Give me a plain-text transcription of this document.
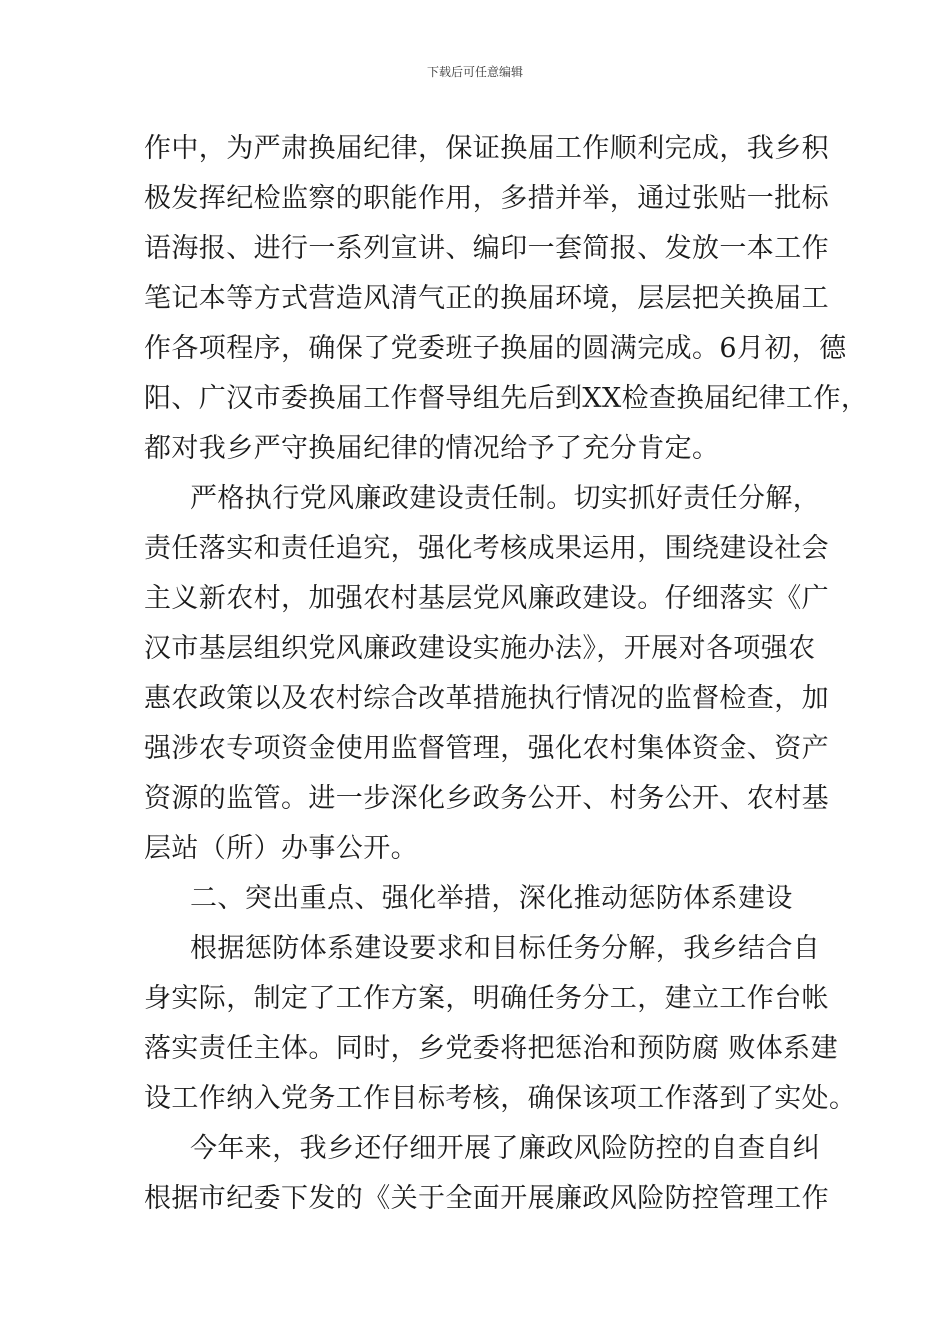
下载后可任意编辑
作中，为严肃换届纪律，保证换届工作顺利完成，我乡积
极发挥纪检监察的职能作用，多措并举，通过张贴一批标
语海报、进行一系列宣讲、编印一套简报、发放一本工作
笔记本等方式营造风清气正的换届环境，层层把关换届工
作各项程序，确保了党委班子换届的圆满完成。6月初，德
阳、广汉市委换届工作督导组先后到XX检查换届纪律工作，
都对我乡严守换届纪律的情况给予了充分肯定。
严格执行党风廉政建设责任制。切实抓好责任分解，
责任落实和责任追究，强化考核成果运用，围绕建设社会
主义新农村，加强农村基层党风廉政建设。仔细落实《广
汉市基层组织党风廉政建设实施办法》，开展对各项强农
惠农政策以及农村综合改革措施执行情况的监督检查，加
强涉农专项资金使用监督管理，强化农村集体资金、资产
资源的监管。进一步深化乡政务公开、村务公开、农村基
层站（所）办事公开。
二、突出重点、强化举措，深化推动惩防体系建设
根据惩防体系建设要求和目标任务分解，我乡结合自
身实际，制定了工作方案，明确任务分工，建立工作台帐
落实责任主体。同时，乡党委将把惩治和预防腐 败体系建
设工作纳入党务工作目标考核，确保该项工作落到了实处。
今年来，我乡还仔细开展了廉政风险防控的自查自纠
根据市纪委下发的《关于全面开展廉政风险防控管理工作
